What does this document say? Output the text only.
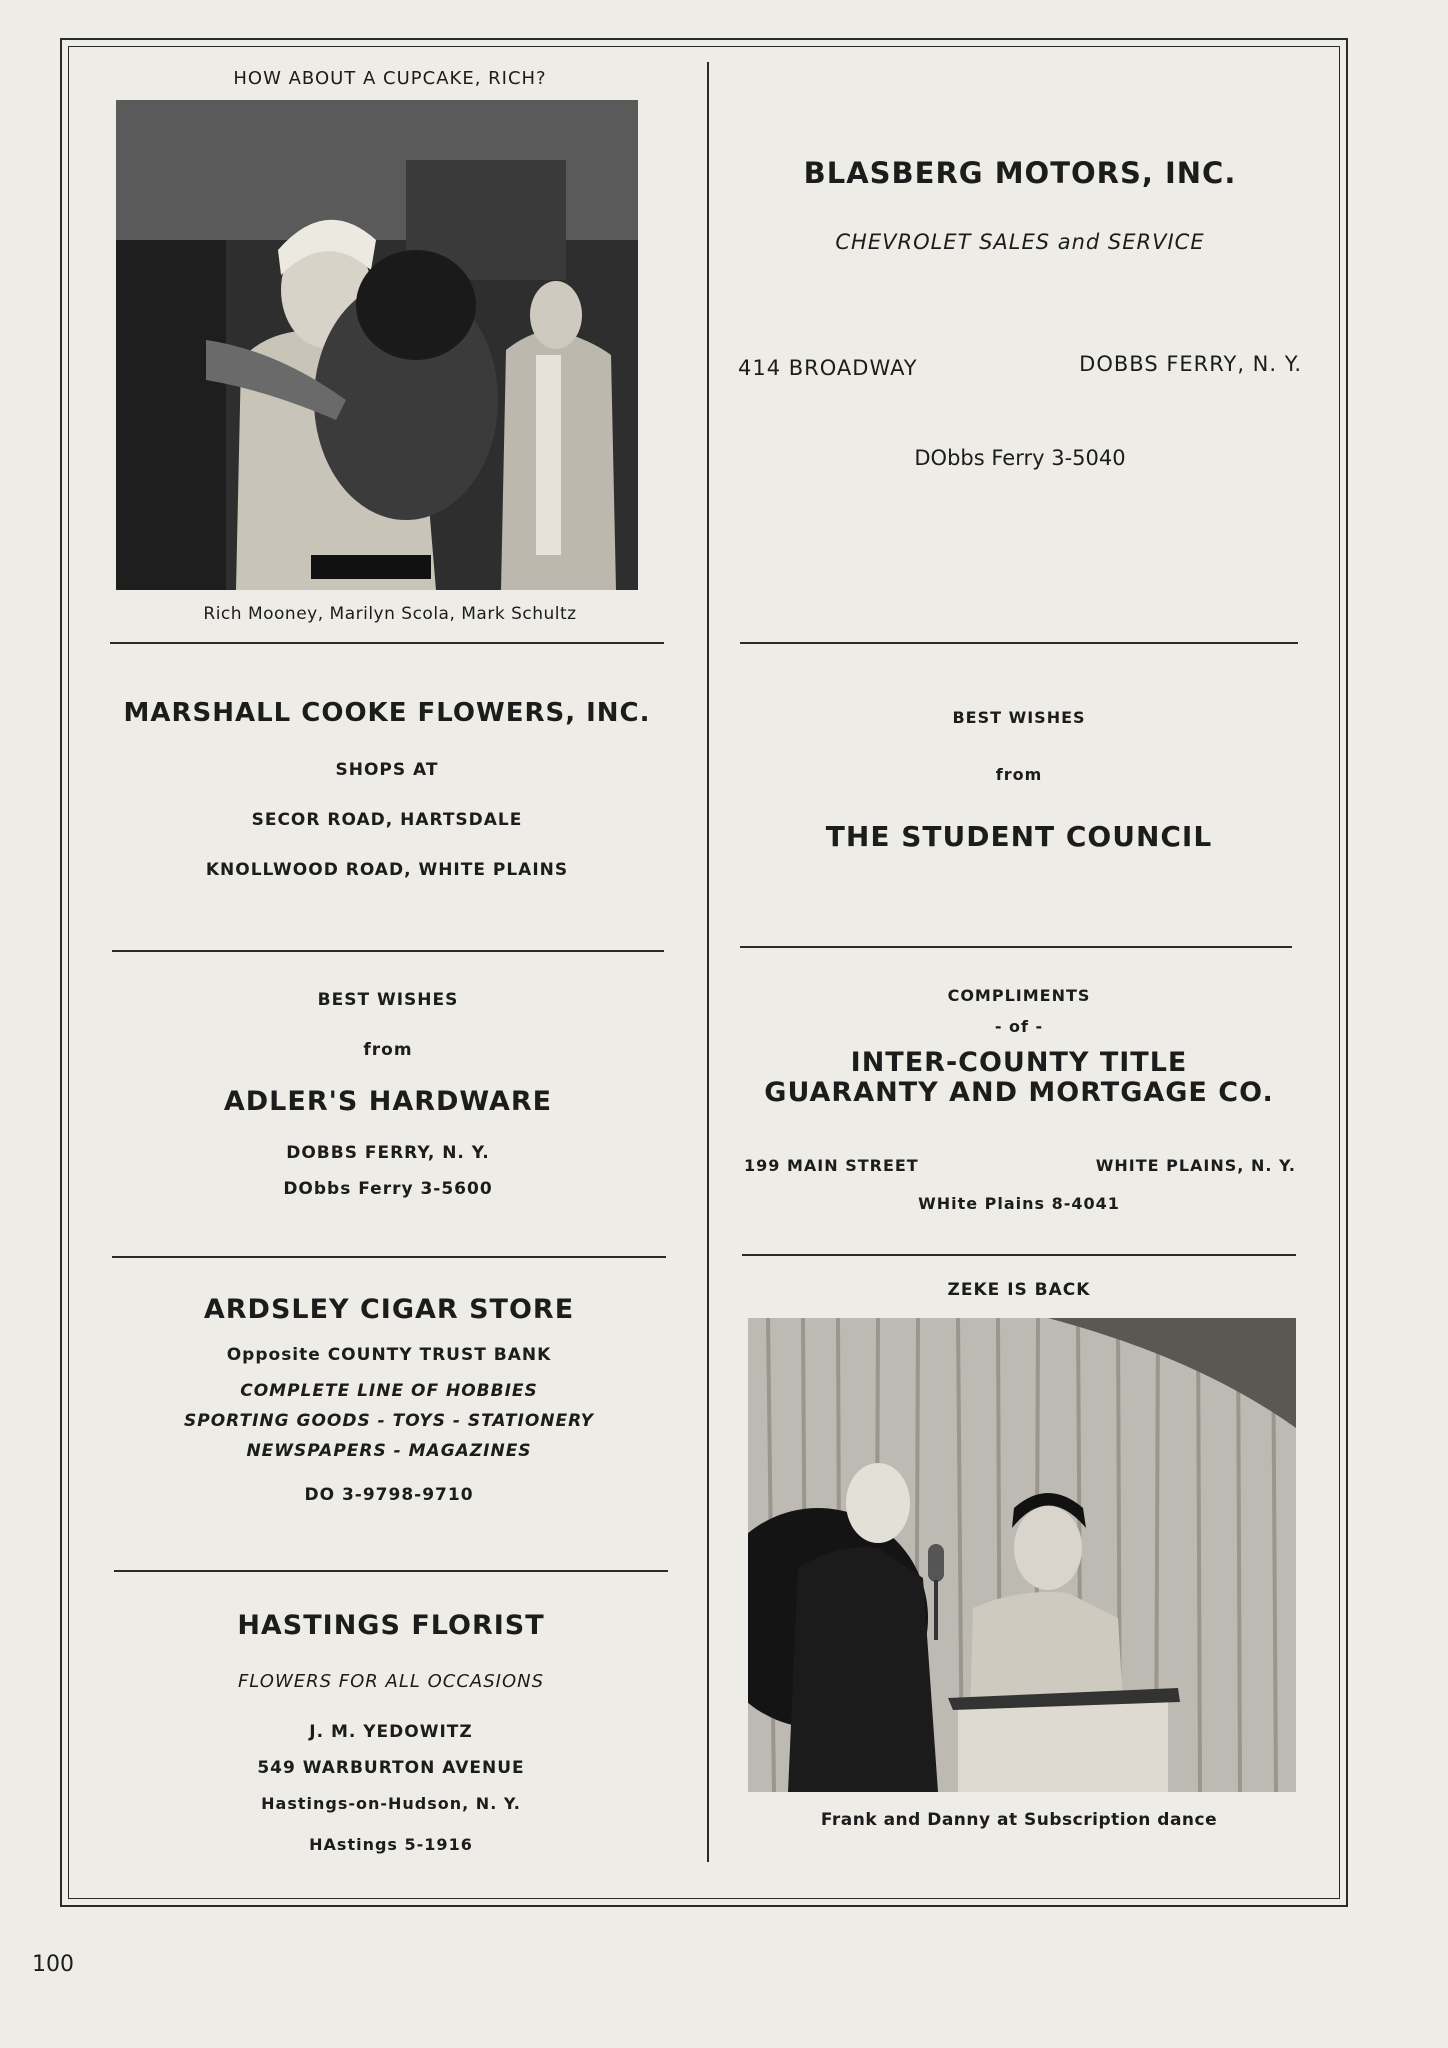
HOW ABOUT A CUPCAKE, RICH?
Rich Mooney, Marilyn Scola, Mark Schultz
MARSHALL COOKE FLOWERS, INC.
SHOPS AT
SECOR ROAD, HARTSDALE
KNOLLWOOD ROAD, WHITE PLAINS
BEST WISHES
from
ADLER'S HARDWARE
DOBBS FERRY, N. Y.
DObbs Ferry 3-5600
ARDSLEY CIGAR STORE
Opposite COUNTY TRUST BANK
COMPLETE LINE OF HOBBIES
SPORTING GOODS - TOYS - STATIONERY
NEWSPAPERS - MAGAZINES
DO 3-9798-9710
HASTINGS FLORIST
FLOWERS FOR ALL OCCASIONS
J. M. YEDOWITZ
549 WARBURTON AVENUE
Hastings-on-Hudson, N. Y.
HAstings 5-1916
BLASBERG MOTORS, INC.
CHEVROLET SALES and SERVICE
414 BROADWAY	DOBBS FERRY, N. Y.
DObbs Ferry 3-5040
BEST WISHES
from
THE STUDENT COUNCIL
COMPLIMENTS
- of -
INTER-COUNTY TITLE
GUARANTY AND MORTGAGE CO.
199 MAIN STREET	WHITE PLAINS, N. Y.
WHite Plains 8-4041
ZEKE IS BACK
Frank and Danny at Subscription dance
100
